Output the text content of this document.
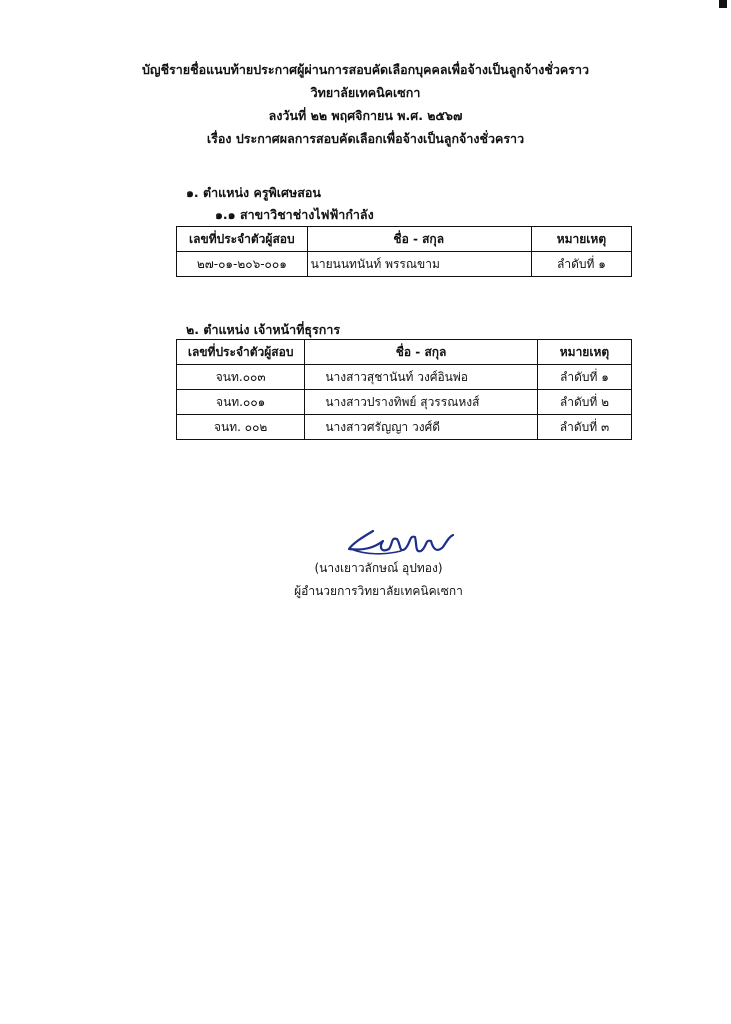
บัญชีรายชื่อแนบท้ายประกาศผู้ผ่านการสอบคัดเลือกบุคคลเพื่อจ้างเป็นลูกจ้างชั่วคราว
วิทยาลัยเทคนิคเซกา
ลงวันที่ ๒๒ พฤศจิกายน พ.ศ. ๒๕๖๗
เรื่อง ประกาศผลการสอบคัดเลือกเพื่อจ้างเป็นลูกจ้างชั่วคราว
๑. ตำแหน่ง ครูพิเศษสอน
๑.๑ สาขาวิชาช่างไฟฟ้ากำลัง
เลขที่ประจำตัวผู้สอบ	ชื่อ - สกุล	หมายเหตุ
๒๗-๐๑-๒๐๖-๐๐๑	นายนนทนันท์ พรรณขาม	ลำดับที่ ๑
๒. ตำแหน่ง เจ้าหน้าที่ธุรการ
เลขที่ประจำตัวผู้สอบ	ชื่อ - สกุล	หมายเหตุ
จนท.๐๐๓	นางสาวสุชานันท์ วงศ์อินพ่อ	ลำดับที่ ๑
จนท.๐๐๑	นางสาวปรางทิพย์ สุวรรณหงส์	ลำดับที่ ๒
จนท. ๐๐๒	นางสาวศรัญญา วงศ์ดี	ลำดับที่ ๓
(นางเยาวลักษณ์ อุปทอง)
ผู้อำนวยการวิทยาลัยเทคนิคเซกา
